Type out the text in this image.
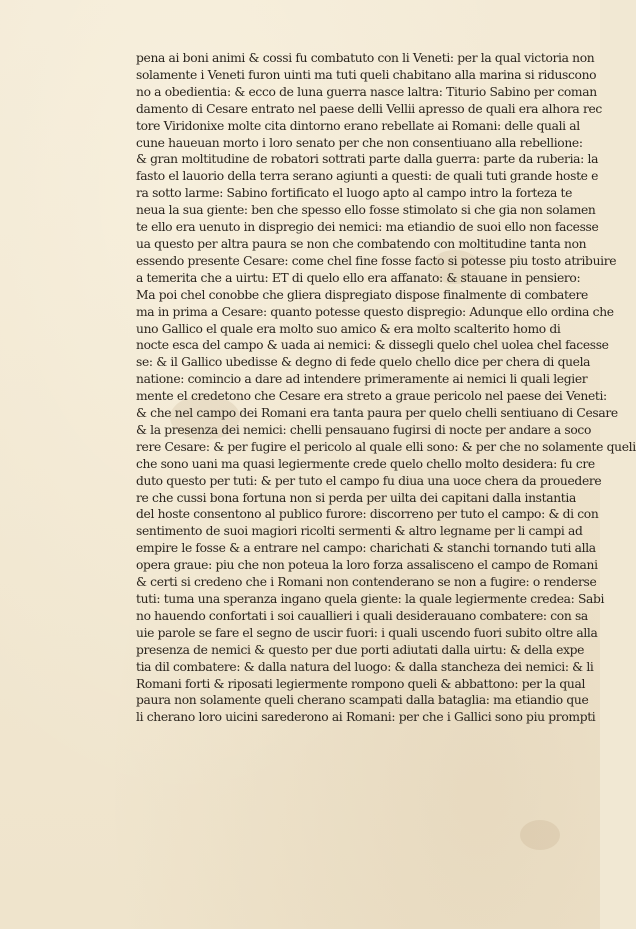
pena ai boni animi & cossi fu combatuto con li Veneti: per la qual victoria non
solamente i Veneti furon uinti ma tuti queli chabitano alla marina si riduscono
no a obedientia: & ecco de luna guerra nasce laltra: Titurio Sabino per coman
damento di Cesare entrato nel paese delli Vellii apresso de quali era alhora rec
tore Viridonixe molte cita dintorno erano rebellate ai Romani: delle quali al
cune haueuan morto i loro senato per che non consentiuano alla rebellione:
& gran moltitudine de robatori sottrati parte dalla guerra: parte da ruberia: la
fasto el lauorio della terra serano agiunti a questi: de quali tuti grande hoste e
ra sotto larme: Sabino fortificato el luogo apto al campo intro la forteza te
neua la sua giente: ben che spesso ello fosse stimolato si che gia non solamen
te ello era uenuto in dispregio dei nemici: ma etiandio de suoi ello non facesse
ua questo per altra paura se non che combatendo con moltitudine tanta non
essendo presente Cesare: come chel fine fosse facto si potesse piu tosto atribuire
a temerita che a uirtu: ET di quelo ello era affanato: & stauane in pensiero:
Ma poi chel conobbe che gliera dispregiato dispose finalmente di combatere
ma in prima a Cesare: quanto potesse questo dispregio: Adunque ello ordina che
uno Gallico el quale era molto suo amico & era molto scalterito homo di
nocte esca del campo & uada ai nemici: & dissegli quelo chel uolea chel facesse
se: & il Gallico ubedisse & degno di fede quelo chello dice per chera di quela
natione: comincio a dare ad intendere primeramente ai nemici li quali legier
mente el credetono che Cesare era streto a graue pericolo nel paese dei Veneti:
& che nel campo dei Romani era tanta paura per quelo chelli sentiuano di Cesare
& la presenza dei nemici: chelli pensauano fugirsi di nocte per andare a soco
rere Cesare: & per fugire el pericolo al quale elli sono: & per che no solamente queli
che sono uani ma quasi legiermente crede quelo chello molto desidera: fu cre
duto questo per tuti: & per tuto el campo fu diua una uoce chera da prouedere
re che cussi bona fortuna non si perda per uilta dei capitani dalla instantia
del hoste consentono al publico furore: discorreno per tuto el campo: & di con
sentimento de suoi magiori ricolti sermenti & altro legname per li campi ad
empire le fosse & a entrare nel campo: charichati & stanchi tornando tuti alla
opera graue: piu che non poteua la loro forza assalisceno el campo de Romani
& certi si credeno che i Romani non contenderano se non a fugire: o renderse
tuti: tuma una speranza ingano quela giente: la quale legiermente credea: Sabi
no hauendo confortati i soi cauallieri i quali desiderauano combatere: con sa
uie parole se fare el segno de uscir fuori: i quali uscendo fuori subito oltre alla
presenza de nemici & questo per due porti adiutati dalla uirtu: & della expe
tia dil combatere: & dalla natura del luogo: & dalla stancheza dei nemici: & li
Romani forti & riposati legiermente rompono queli & abbattono: per la qual
paura non solamente queli cherano scampati dalla bataglia: ma etiandio que
li cherano loro uicini sarederono ai Romani: per che i Gallici sono piu prompti
